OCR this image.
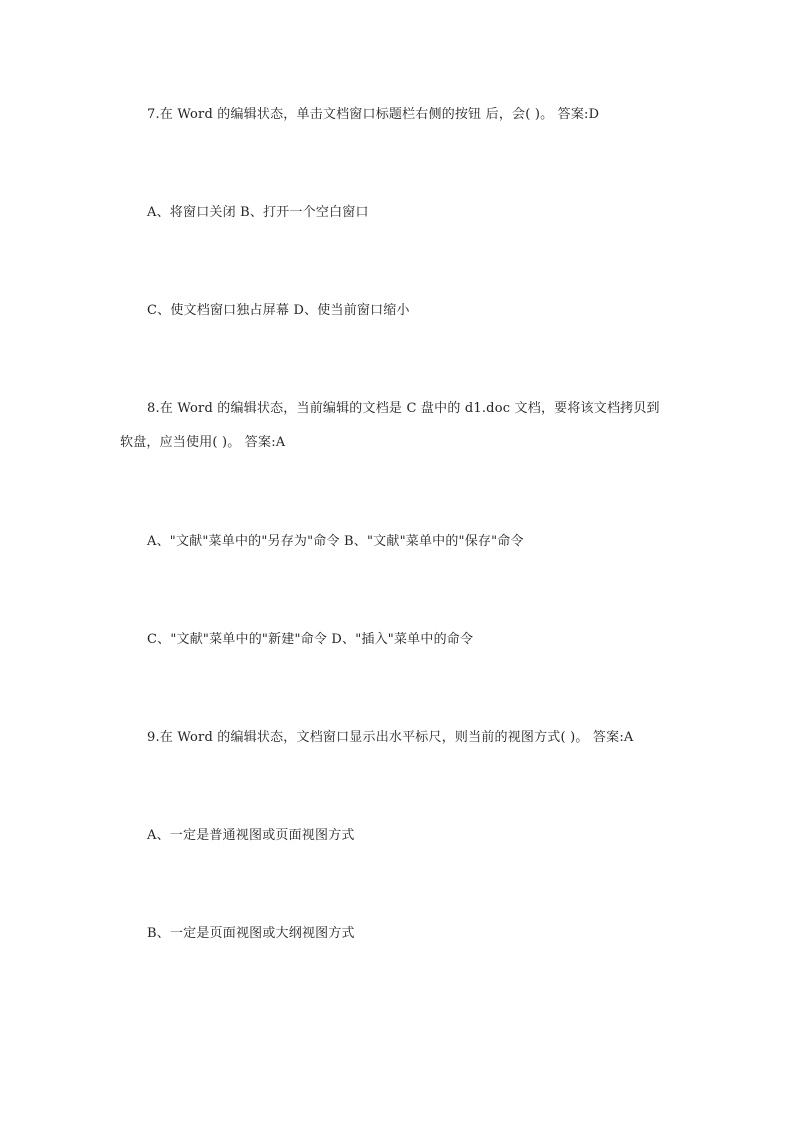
7.在 Word 的编辑状态，单击文档窗口标题栏右侧的按钮 后，会( )。 答案:D
A、将窗口关闭 B、打开一个空白窗口
C、使文档窗口独占屏幕 D、使当前窗口缩小
8.在 Word 的编辑状态，当前编辑的文档是 C 盘中的 d1.doc 文档，要将该文档拷贝到
软盘，应当使用( )。 答案:A
A、"文献"菜单中的"另存为"命令 B、"文献"菜单中的"保存"命令
C、"文献"菜单中的"新建"命令 D、"插入"菜单中的命令
9.在 Word 的编辑状态，文档窗口显示出水平标尺，则当前的视图方式( )。 答案:A
A、一定是普通视图或页面视图方式
B、一定是页面视图或大纲视图方式
